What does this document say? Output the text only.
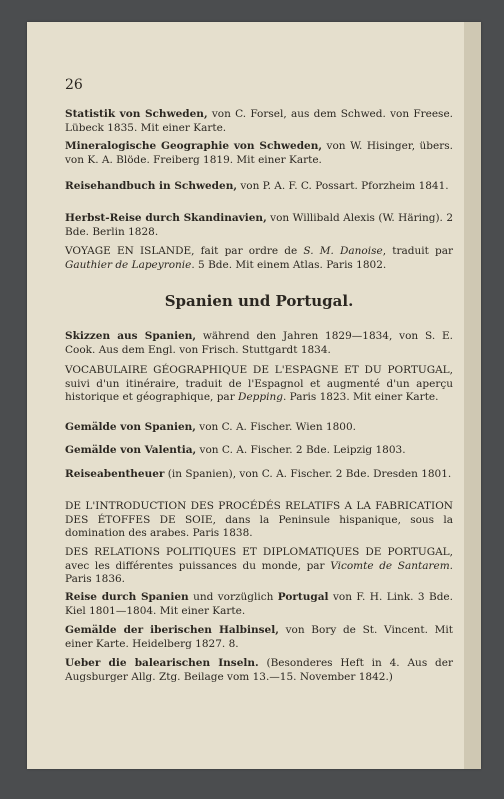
26
Statistik von Schweden, von C. Forsel, aus dem Schwed. von Freese. Lübeck 1835. Mit einer Karte.
Mineralogische Geographie von Schweden, von W. Hisinger, übers. von K. A. Blöde. Freiberg 1819. Mit einer Karte.
Reisehandbuch in Schweden, von P. A. F. C. Possart. Pforzheim 1841.
Herbst-Reise durch Skandinavien, von Willibald Alexis (W. Häring). 2 Bde. Berlin 1828.
VOYAGE EN ISLANDE, fait par ordre de S. M. Danoise, traduit par Gauthier de Lapeyronie. 5 Bde. Mit einem Atlas. Paris 1802.
Spanien und Portugal.
Skizzen aus Spanien, während den Jahren 1829—1834, von S. E. Cook. Aus dem Engl. von Frisch. Stuttgardt 1834.
VOCABULAIRE GÉOGRAPHIQUE DE L'ESPAGNE ET DU PORTUGAL, suivi d'un itinéraire, traduit de l'Espagnol et augmenté d'un aperçu historique et géographique, par Depping. Paris 1823. Mit einer Karte.
Gemälde von Spanien, von C. A. Fischer. Wien 1800.
Gemälde von Valentia, von C. A. Fischer. 2 Bde. Leipzig 1803.
Reiseabentheuer (in Spanien), von C. A. Fischer. 2 Bde. Dresden 1801.
DE L'INTRODUCTION DES PROCÉDÉS RELATIFS A LA FABRICATION DES ÉTOFFES DE SOIE, dans la Peninsule hispanique, sous la domination des arabes. Paris 1838.
DES RELATIONS POLITIQUES ET DIPLOMATIQUES DE PORTUGAL, avec les différentes puissances du monde, par Vicomte de Santarem. Paris 1836.
Reise durch Spanien und vorzüglich Portugal von F. H. Link. 3 Bde. Kiel 1801—1804. Mit einer Karte.
Gemälde der iberischen Halbinsel, von Bory de St. Vincent. Mit einer Karte. Heidelberg 1827. 8.
Ueber die balearischen Inseln. (Besonderes Heft in 4. Aus der Augsburger Allg. Ztg. Beilage vom 13.—15. November 1842.)
